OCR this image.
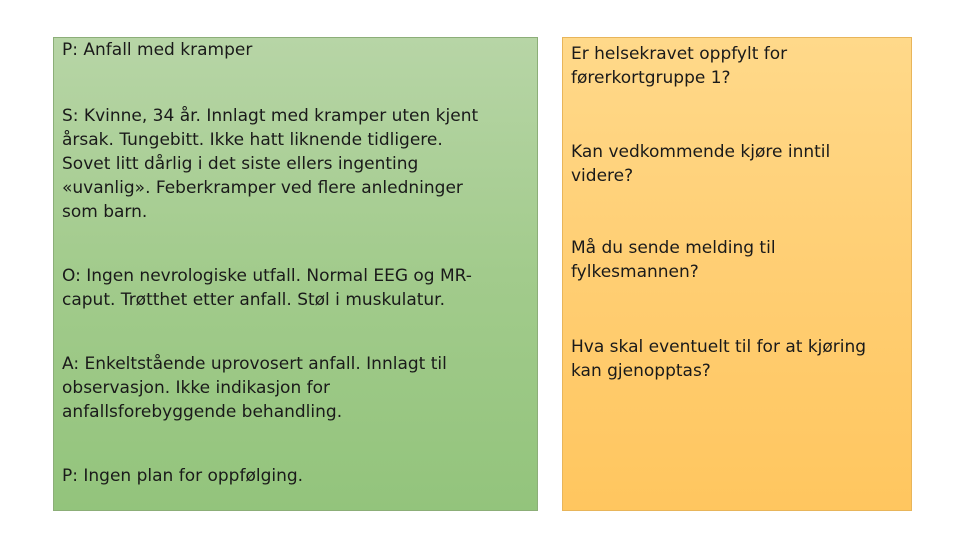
P: Anfall med kramper

S: Kvinne, 34 år. Innlagt med kramper uten kjent
årsak. Tungebitt. Ikke hatt liknende tidligere.
Sovet litt dårlig i det siste ellers ingenting
«uvanlig». Feberkramper ved flere anledninger
som barn.

O: Ingen nevrologiske utfall. Normal EEG og MR-
caput. Trøtthet etter anfall. Støl i muskulatur.

A: Enkeltstående uprovosert anfall. Innlagt til
observasjon. Ikke indikasjon for
anfallsforebyggende behandling.

P: Ingen plan for oppfølging.

Er helsekravet oppfylt for
førerkortgruppe 1?

Kan vedkommende kjøre inntil
videre?

Må du sende melding til
fylkesmannen?

Hva skal eventuelt til for at kjøring
kan gjenopptas?
